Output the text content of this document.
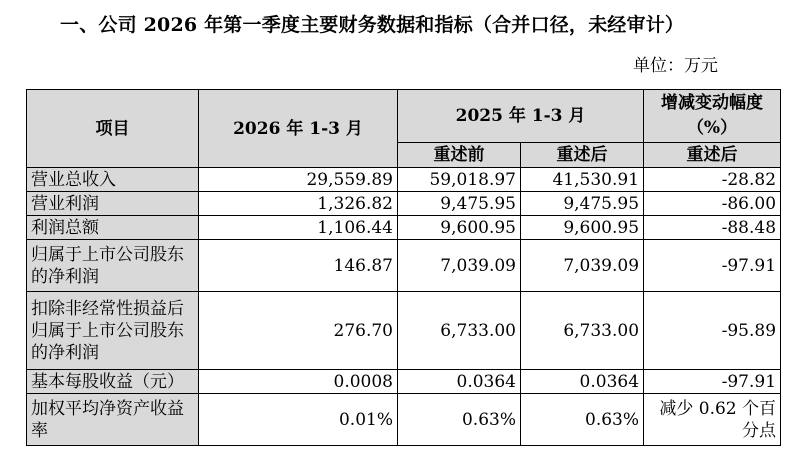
一、公司 2026 年第一季度主要财务数据和指标（合并口径，未经审计）
单位：万元
项目	2026 年 1-3 月	2025 年 1-3 月		增减变动幅度（%）
		重述前	重述后	重述后
营业总收入	29,559.89	59,018.97	41,530.91	-28.82
营业利润	1,326.82	9,475.95	9,475.95	-86.00
利润总额	1,106.44	9,600.95	9,600.95	-88.48
归属于上市公司股东的净利润	146.87	7,039.09	7,039.09	-97.91
扣除非经常性损益后归属于上市公司股东的净利润	276.70	6,733.00	6,733.00	-95.89
基本每股收益（元）	0.0008	0.0364	0.0364	-97.91
加权平均净资产收益率	0.01%	0.63%	0.63%	减少 0.62 个百分点
